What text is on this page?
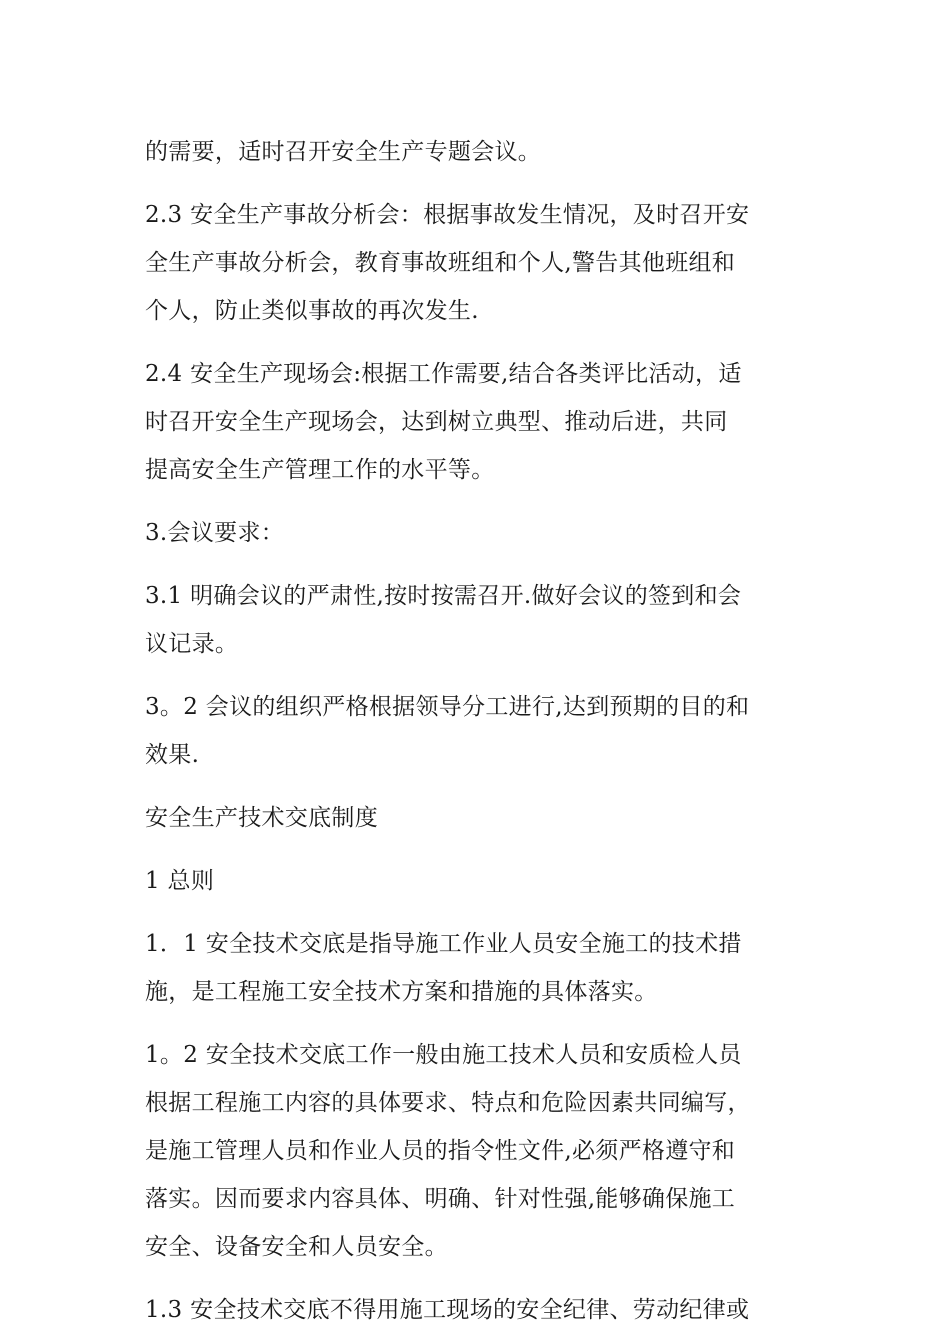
的需要，适时召开安全生产专题会议。
2.3 安全生产事故分析会：根据事故发生情况，及时召开安
全生产事故分析会，教育事故班组和个人,警告其他班组和
个人，防止类似事故的再次发生.
2.4 安全生产现场会:根据工作需要,结合各类评比活动，适
时召开安全生产现场会，达到树立典型、推动后进，共同
提高安全生产管理工作的水平等。
3.会议要求：
3.1 明确会议的严肃性,按时按需召开.做好会议的签到和会
议记录。
3。2 会议的组织严格根据领导分工进行,达到预期的目的和
效果.
安全生产技术交底制度
1 总则
1．1 安全技术交底是指导施工作业人员安全施工的技术措
施，是工程施工安全技术方案和措施的具体落实。
1。2 安全技术交底工作一般由施工技术人员和安质检人员
根据工程施工内容的具体要求、特点和危险因素共同编写，
是施工管理人员和作业人员的指令性文件,必须严格遵守和
落实。因而要求内容具体、明确、针对性强,能够确保施工
安全、设备安全和人员安全。
1.3 安全技术交底不得用施工现场的安全纪律、劳动纪律或
